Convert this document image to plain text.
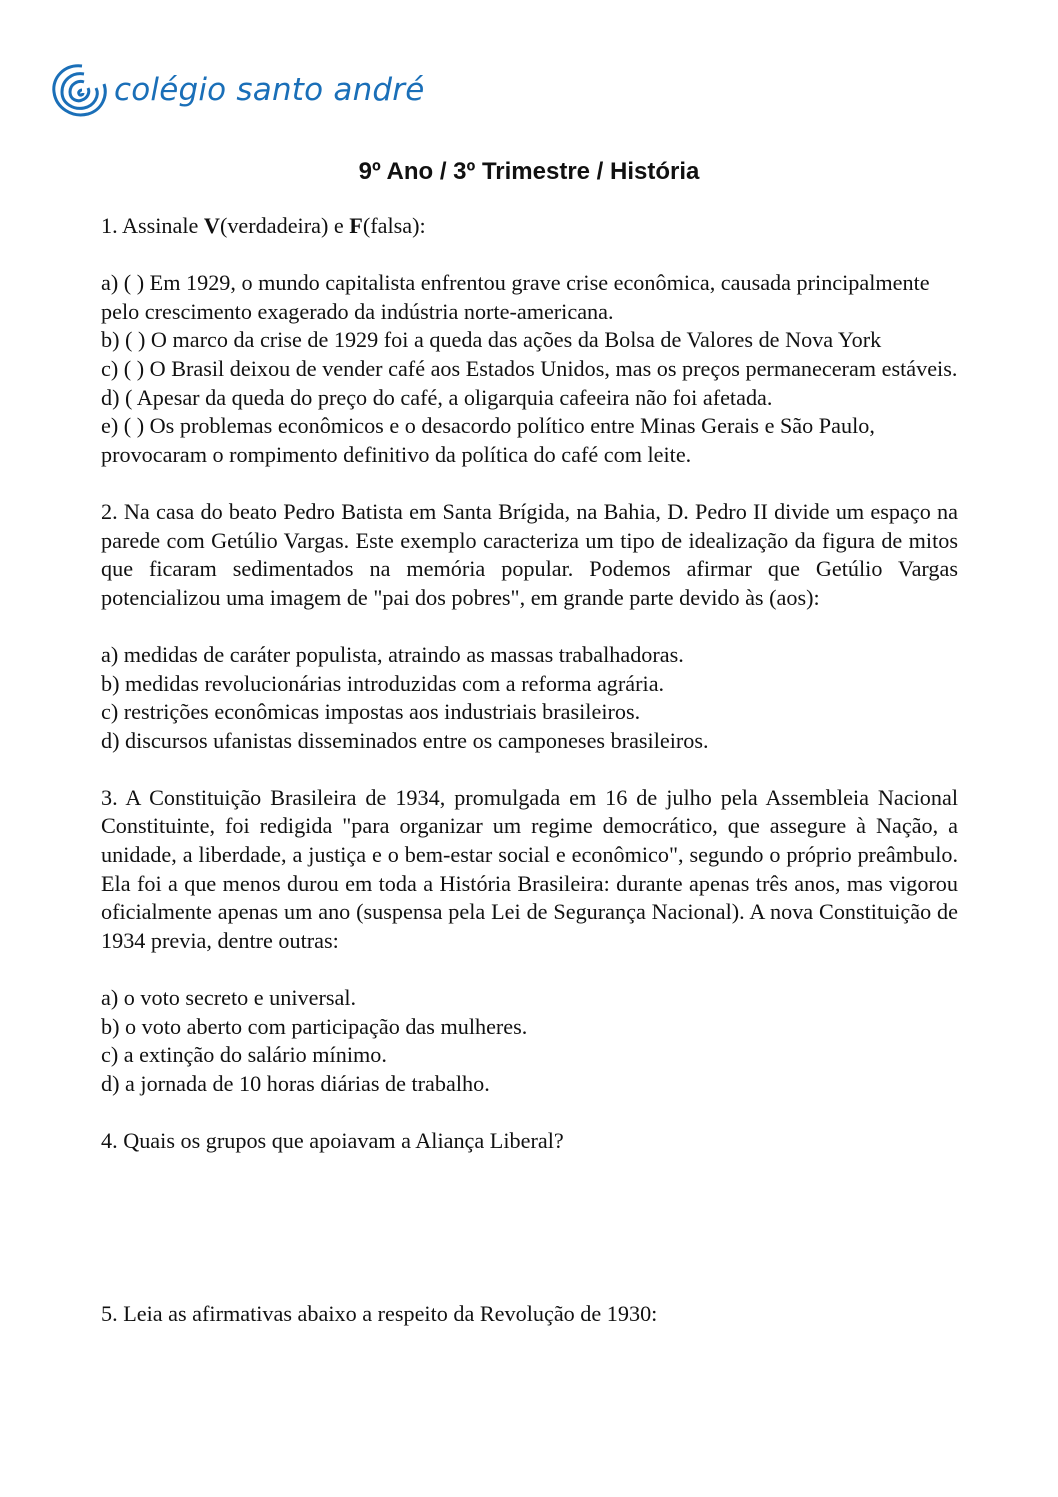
colégio santo andré
9º Ano / 3º Trimestre / História

1. Assinale V(verdadeira) e F(falsa):

a) ( ) Em 1929, o mundo capitalista enfrentou grave crise econômica, causada principalmente pelo crescimento exagerado da indústria norte-americana.

b) ( ) O marco da crise de 1929 foi a queda das ações da Bolsa de Valores de Nova York

c) ( ) O Brasil deixou de vender café aos Estados Unidos, mas os preços permaneceram estáveis.

d) ( Apesar da queda do preço do café, a oligarquia cafeeira não foi afetada.

e) ( ) Os problemas econômicos e o desacordo político entre Minas Gerais e São Paulo, provocaram o rompimento definitivo da política do café com leite.

2. Na casa do beato Pedro Batista em Santa Brígida, na Bahia, D. Pedro II divide um espaço na parede com Getúlio Vargas. Este exemplo caracteriza um tipo de idealização da figura de mitos que ficaram sedimentados na memória popular. Podemos afirmar que Getúlio Vargas potencializou uma imagem de "pai dos pobres", em grande parte devido às (aos):

a) medidas de caráter populista, atraindo as massas trabalhadoras.

b) medidas revolucionárias introduzidas com a reforma agrária.

c) restrições econômicas impostas aos industriais brasileiros.

d) discursos ufanistas disseminados entre os camponeses brasileiros.

3. A Constituição Brasileira de 1934, promulgada em 16 de julho pela Assembleia Nacional Constituinte, foi redigida "para organizar um regime democrático, que assegure à Nação, a unidade, a liberdade, a justiça e o bem-estar social e econômico", segundo o próprio preâmbulo. Ela foi a que menos durou em toda a História Brasileira: durante apenas três anos, mas vigorou oficialmente apenas um ano (suspensa pela Lei de Segurança Nacional). A nova Constituição de 1934 previa, dentre outras:

a) o voto secreto e universal.

b) o voto aberto com participação das mulheres.

c) a extinção do salário mínimo.

d) a jornada de 10 horas diárias de trabalho.

4. Quais os grupos que apoiavam a Aliança Liberal?

5. Leia as afirmativas abaixo a respeito da Revolução de 1930:
